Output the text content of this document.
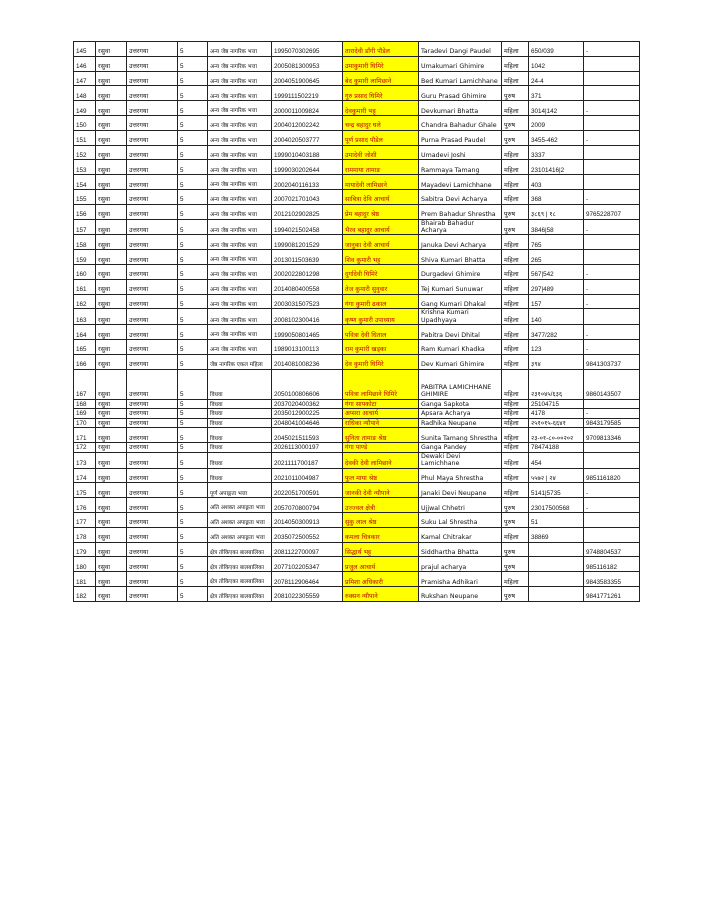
145	रसुवा	उत्तरगया	5	अन्य जेष्ठ नागरिक भत्ता	1995070302695	तारादेवी डाँगी पौडेल	Taradevi Dangi Paudel	महिला	650/039	-
146	रसुवा	उत्तरगया	5	अन्य जेष्ठ नागरिक भत्ता	2005081300953	उमाकुमारी घिमिरे	Umakumari Ghimire	महिला	1042	
147	रसुवा	उत्तरगया	5	अन्य जेष्ठ नागरिक भत्ता	2004051900645	बेद कुमारी लामिछाने	Bed Kumari Lamichhane	महिला	24-4	
148	रसुवा	उत्तरगया	5	अन्य जेष्ठ नागरिक भत्ता	1999111502219	गुरु प्रसाद घिमिरे	Guru Prasad Ghimire	पुरुष	371	
149	रसुवा	उत्तरगया	5	अन्य जेष्ठ नागरिक भत्ता	2000011009824	देवकुमारी भट्ट	Devkumari Bhatta	महिला	3014|142	-
150	रसुवा	उत्तरगया	5	अन्य जेष्ठ नागरिक भत्ता	2004012002242	चन्द्र बहादुर घले	Chandra Bahadur Ghale	पुरुष	2009	
151	रसुवा	उत्तरगया	5	अन्य जेष्ठ नागरिक भत्ता	2004020503777	पूर्ण प्रसाद पौडेल	Purna Prasad Paudel	पुरुष	3455-462	-
152	रसुवा	उत्तरगया	5	अन्य जेष्ठ नागरिक भत्ता	1999010403188	उमादेवी जोशी	Umadevi Joshi	महिला	3337	
153	रसुवा	उत्तरगया	5	अन्य जेष्ठ नागरिक भत्ता	1999030202644	राममाया तामाङ	Rammaya Tamang	महिला	23101416|2	
154	रसुवा	उत्तरगया	5	अन्य जेष्ठ नागरिक भत्ता	2002040116133	मायादेवी लामिछाने	Mayadevi Lamichhane	महिला	403	
155	रसुवा	उत्तरगया	5	अन्य जेष्ठ नागरिक भत्ता	2007021701043	साबित्रा देवि आचार्य	Sabitra Devi Acharya	महिला	368	-
156	रसुवा	उत्तरगया	5	अन्य जेष्ठ नागरिक भत्ता	2012102902825	प्रेम बहादुर श्रेष्ठ	Prem Bahadur Shrestha	पुरुष	३८६९ | १८	9765228707
157	रसुवा	उत्तरगया	5	अन्य जेष्ठ नागरिक भत्ता	1994021502458	भैरव बहादुर आचार्य	Bhairab Bahadur Acharya	पुरुष	3846|58	-
158	रसुवा	उत्तरगया	5	अन्य जेष्ठ नागरिक भत्ता	1999081201529	जानुका देवी आचार्य	Januka Devi Acharya	महिला	765	
159	रसुवा	उत्तरगया	5	अन्य जेष्ठ नागरिक भत्ता	2013011503639	शिव कुमारी भट्ट	Shiva Kumari Bhatta	महिला	265	
160	रसुवा	उत्तरगया	5	अन्य जेष्ठ नागरिक भत्ता	2002022801298	दुर्गादेवी घिमिरे	Durgadevi Ghimire	महिला	567|542	-
161	रसुवा	उत्तरगया	5	अन्य जेष्ठ नागरिक भत्ता	2014080400558	तेज कुमारी सुनुवार	Tej Kumari Sunuwar	महिला	297|489	-
162	रसुवा	उत्तरगया	5	अन्य जेष्ठ नागरिक भत्ता	2003031507523	गंगा कुमारी ढकाल	Gang Kumari Dhakal	महिला	157	-
163	रसुवा	उत्तरगया	5	अन्य जेष्ठ नागरिक भत्ता	2008102300416	कृष्ण कुमारी उपाध्याय	Krishna Kumari Upadhyaya	महिला	140	
164	रसुवा	उत्तरगया	5	अन्य जेष्ठ नागरिक भत्ता	1999050801465	पवित्रा देवी धिताल	Pabitra Devi Dhital	महिला	3477/282	-
165	रसुवा	उत्तरगया	5	अन्य जेष्ठ नागरिक भत्ता	1989013100113	राम कुमारी खड्का	Ram Kumari Khadka	महिला	123	-
166	रसुवा	उत्तरगया	5	जेष्ठ नागरिक एकल महिला	2014081008236	देव कुमारी घिमिरे	Dev Kumari Ghimire	महिला	३९४	9841303737
167	रसुवा	उत्तरगया	5	विधवा	2050100806606	पवित्रा लामिछाने घिमिरे	PABITRA LAMICHHANE GHIMIRE	महिला	२३१०४५/६३६	9860143507
168	रसुवा	उत्तरगया	5	विधवा	2037020400362	गंगा सापकोटा	Ganga Sapkota	महिला	25104715	
169	रसुवा	उत्तरगया	5	विधवा	2035012900225	अप्सरा आचार्य	Apsara Acharya	महिला	4178	-
170	रसुवा	उत्तरगया	5	विधवा	2048041004646	राधिका न्यौपाने	Radhika Neupane	महिला	२५१०१५-६६४१	9843179585
171	रसुवा	उत्तरगया	5	विधवा	2045021511593	सुनिता तामाङ श्रेष्ठ	Sunita Tamang Shrestha	महिला	२३-०१-८०-००२०२	9709813346
172	रसुवा	उत्तरगया	5	विधवा	2026113000197	गंगा पाण्डे	Ganga Pandey	महिला	78474188	
173	रसुवा	उत्तरगया	5	विधवा	2021111700187	देवकी देवी लामिछाने	Dewaki Devi Lamichhane	महिला	454	
174	रसुवा	उत्तरगया	5	विधवा	2021011004987	फुल माया श्रेष्ठ	Phul Maya Shrestha	महिला	५५७२ | २४	9851161820
175	रसुवा	उत्तरगया	5	पूर्ण अपाङ्गता भत्ता	2022051700591	जानकी देवी न्यौपाने	Janaki Devi Neupane	महिला	5141|5735	-
176	रसुवा	उत्तरगया	5	अति अशक्त अपाङ्गता भत्ता	2057070800794	उज्ज्वल क्षेत्री	Ujjwal Chhetri	पुरुष	23017500568	-
177	रसुवा	उत्तरगया	5	अति अशक्त अपाङ्गता भत्ता	2014050300913	सुकु लाल श्रेष्ठ	Suku Lal Shrestha	पुरुष	51	
178	रसुवा	उत्तरगया	5	अति अशक्त अपाङ्गता भत्ता	2035072500552	कमला चित्रकार	Kamal Chitrakar	महिला	38869	
179	रसुवा	उत्तरगया	5	क्षेत्र तोकिएका बालबालिका	2081122700097	सिद्धार्थ भट्ट	Siddhartha Bhatta	पुरुष		9748804537
180	रसुवा	उत्तरगया	5	क्षेत्र तोकिएका बालबालिका	2077102205347	प्रजुल आचार्य	prajul acharya	पुरुष		985116182
181	रसुवा	उत्तरगया	5	क्षेत्र तोकिएका बालबालिका	2078112906464	प्रमिशा अधिकारी	Pramisha Adhikari	महिला		9843583355
182	रसुवा	उत्तरगया	5	क्षेत्र तोकिएका बालबालिका	2081022305559	रुक्सन न्यौपाने	Rukshan Neupane	पुरुष		9841771261
